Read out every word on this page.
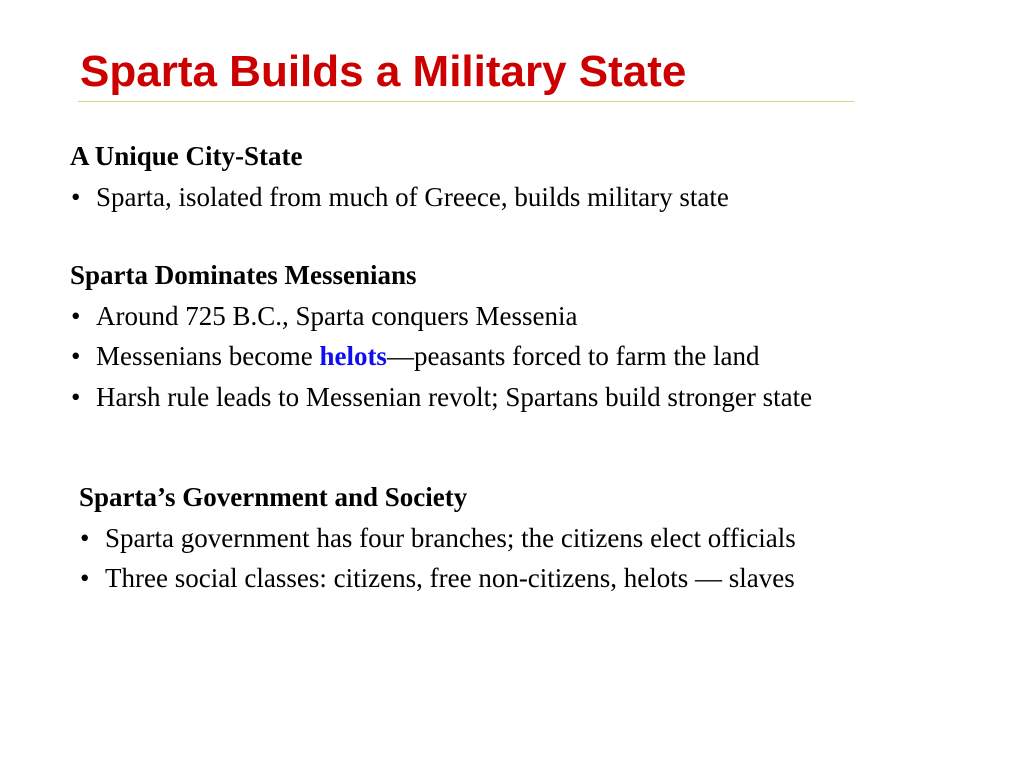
Sparta Builds a Military State
A Unique City-State
• Sparta, isolated from much of Greece, builds military state
Sparta Dominates Messenians
• Around 725 B.C., Sparta conquers Messenia
• Messenians become helots—peasants forced to farm the land
• Harsh rule leads to Messenian revolt; Spartans build stronger state
Sparta’s Government and Society
• Sparta government has four branches; the citizens elect officials
• Three social classes: citizens, free non-citizens, helots — slaves
